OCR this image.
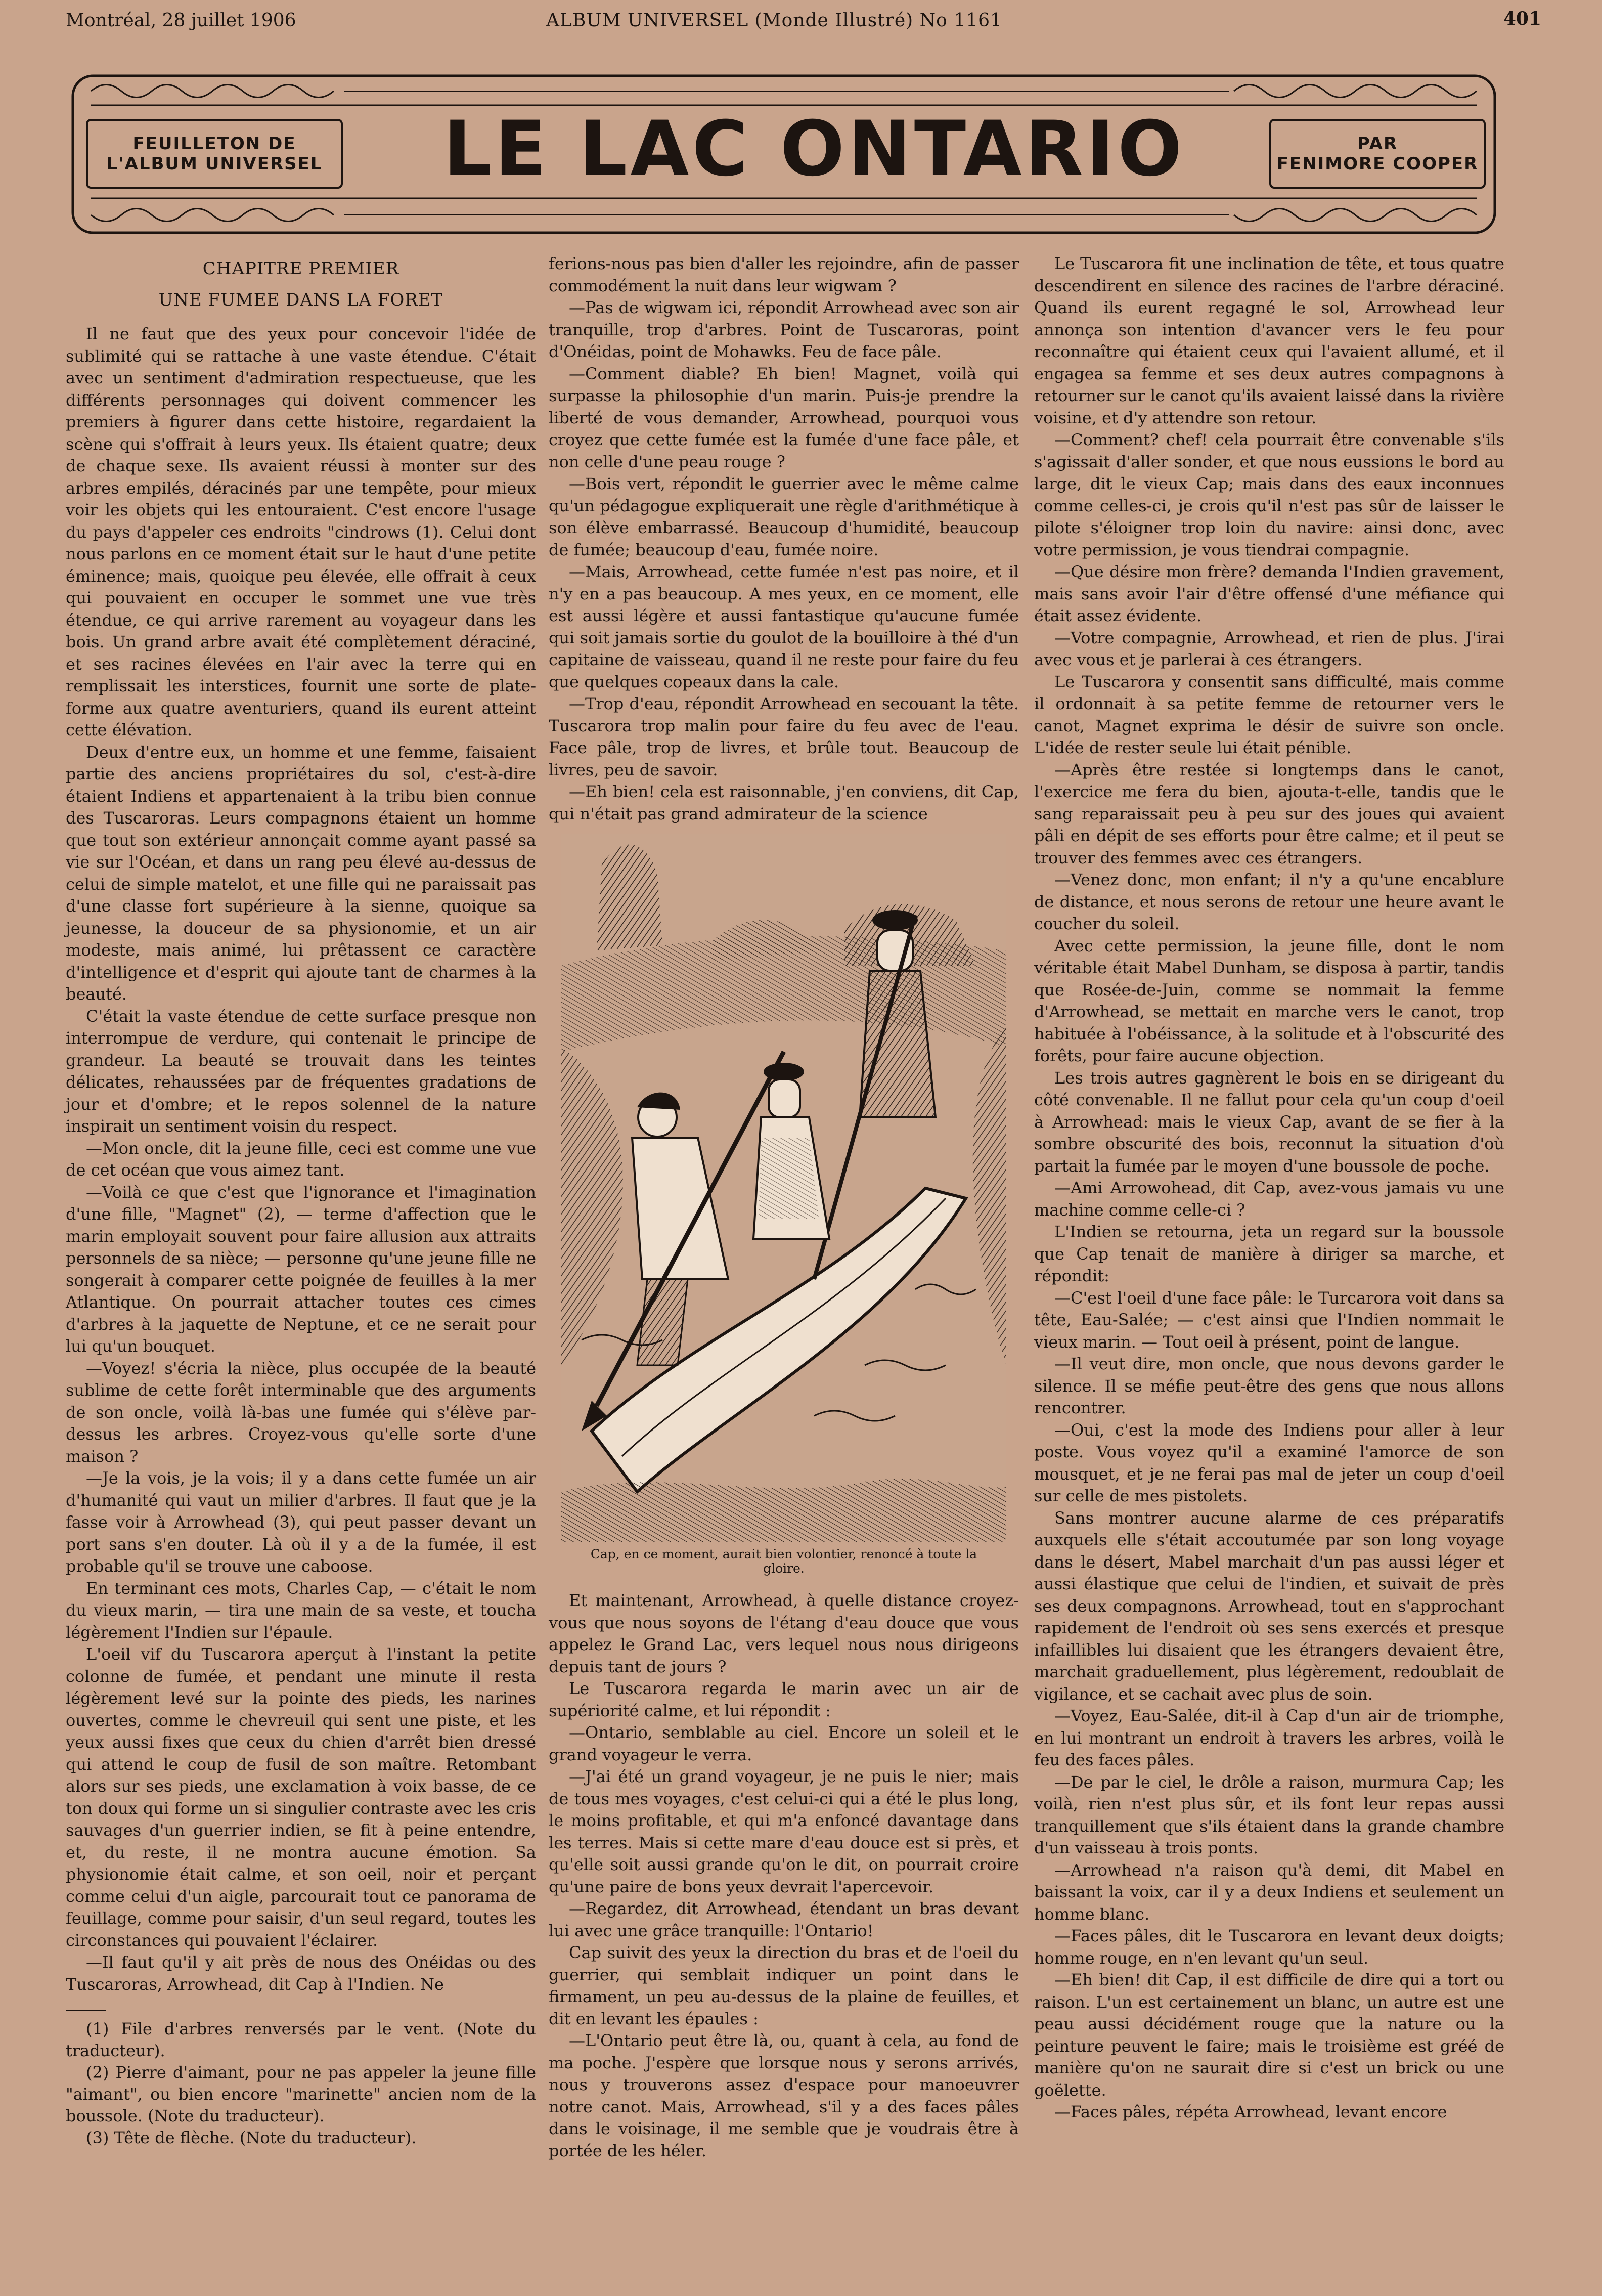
Montréal, 28 juillet 1906	ALBUM UNIVERSEL (Monde Illustré) No 1161	401
FEUILLETON DE
L'ALBUM UNIVERSEL	LE LAC ONTARIO	PAR
FENIMORE COOPER
CHAPITRE PREMIER
UNE FUMEE DANS LA FORET

Il ne faut que des yeux pour concevoir l'idée de sublimité qui se rattache à une vaste étendue. C'était avec un sentiment d'admiration respectueuse, que les différents personnages qui doivent commencer les premiers à figurer dans cette histoire, regardaient la scène qui s'offrait à leurs yeux. Ils étaient quatre; deux de chaque sexe. Ils avaient réussi à monter sur des arbres empilés, déracinés par une tempête, pour mieux voir les objets qui les entouraient. C'est encore l'usage du pays d'appeler ces endroits "cindrows (1). Celui dont nous parlons en ce moment était sur le haut d'une petite éminence; mais, quoique peu élevée, elle offrait à ceux qui pouvaient en occuper le sommet une vue très étendue, ce qui arrive rarement au voyageur dans les bois. Un grand arbre avait été complètement déraciné, et ses racines élevées en l'air avec la terre qui en remplissait les interstices, fournit une sorte de plate-forme aux quatre aventuriers, quand ils eurent atteint cette élévation.

Deux d'entre eux, un homme et une femme, faisaient partie des anciens propriétaires du sol, c'est-à-dire étaient Indiens et appartenaient à la tribu bien connue des Tuscaroras. Leurs compagnons étaient un homme que tout son extérieur annonçait comme ayant passé sa vie sur l'Océan, et dans un rang peu élevé au-dessus de celui de simple matelot, et une fille qui ne paraissait pas d'une classe fort supérieure à la sienne, quoique sa jeunesse, la douceur de sa physionomie, et un air modeste, mais animé, lui prêtassent ce caractère d'intelligence et d'esprit qui ajoute tant de charmes à la beauté.

C'était la vaste étendue de cette surface presque non interrompue de verdure, qui contenait le principe de grandeur. La beauté se trouvait dans les teintes délicates, rehaussées par de fréquentes gradations de jour et d'ombre; et le repos solennel de la nature inspirait un sentiment voisin du respect.

—Mon oncle, dit la jeune fille, ceci est comme une vue de cet océan que vous aimez tant.

—Voilà ce que c'est que l'ignorance et l'imagination d'une fille, "Magnet" (2), — terme d'affection que le marin employait souvent pour faire allusion aux attraits personnels de sa nièce; — personne qu'une jeune fille ne songerait à comparer cette poignée de feuilles à la mer Atlantique. On pourrait attacher toutes ces cimes d'arbres à la jaquette de Neptune, et ce ne serait pour lui qu'un bouquet.

—Voyez! s'écria la nièce, plus occupée de la beauté sublime de cette forêt interminable que des arguments de son oncle, voilà là-bas une fumée qui s'élève par-dessus les arbres. Croyez-vous qu'elle sorte d'une maison ?

—Je la vois, je la vois; il y a dans cette fumée un air d'humanité qui vaut un milier d'arbres. Il faut que je la fasse voir à Arrowhead (3), qui peut passer devant un port sans s'en douter. Là où il y a de la fumée, il est probable qu'il se trouve une caboose.

En terminant ces mots, Charles Cap, — c'était le nom du vieux marin, — tira une main de sa veste, et toucha légèrement l'Indien sur l'épaule.

L'oeil vif du Tuscarora aperçut à l'instant la petite colonne de fumée, et pendant une minute il resta légèrement levé sur la pointe des pieds, les narines ouvertes, comme le chevreuil qui sent une piste, et les yeux aussi fixes que ceux du chien d'arrêt bien dressé qui attend le coup de fusil de son maître. Retombant alors sur ses pieds, une exclamation à voix basse, de ce ton doux qui forme un si singulier contraste avec les cris sauvages d'un guerrier indien, se fit à peine entendre, et, du reste, il ne montra aucune émotion. Sa physionomie était calme, et son oeil, noir et perçant comme celui d'un aigle, parcourait tout ce panorama de feuillage, comme pour saisir, d'un seul regard, toutes les circonstances qui pouvaient l'éclairer.

—Il faut qu'il y ait près de nous des Onéidas ou des Tuscaroras, Arrowhead, dit Cap à l'Indien. Ne

(1) File d'arbres renversés par le vent. (Note du traducteur).
(2) Pierre d'aimant, pour ne pas appeler la jeune fille "aimant", ou bien encore "marinette" ancien nom de la boussole. (Note du traducteur).
(3) Tête de flèche. (Note du traducteur).

ferions-nous pas bien d'aller les rejoindre, afin de passer commodément la nuit dans leur wigwam ?

—Pas de wigwam ici, répondit Arrowhead avec son air tranquille, trop d'arbres. Point de Tuscaroras, point d'Onéidas, point de Mohawks. Feu de face pâle.

—Comment diable? Eh bien! Magnet, voilà qui surpasse la philosophie d'un marin. Puis-je prendre la liberté de vous demander, Arrowhead, pourquoi vous croyez que cette fumée est la fumée d'une face pâle, et non celle d'une peau rouge ?

—Bois vert, répondit le guerrier avec le même calme qu'un pédagogue expliquerait une règle d'arithmétique à son élève embarrassé. Beaucoup d'humidité, beaucoup de fumée; beaucoup d'eau, fumée noire.

—Mais, Arrowhead, cette fumée n'est pas noire, et il n'y en a pas beaucoup. A mes yeux, en ce moment, elle est aussi légère et aussi fantastique qu'aucune fumée qui soit jamais sortie du goulot de la bouilloire à thé d'un capitaine de vaisseau, quand il ne reste pour faire du feu que quelques copeaux dans la cale.

—Trop d'eau, répondit Arrowhead en secouant la tête. Tuscarora trop malin pour faire du feu avec de l'eau. Face pâle, trop de livres, et brûle tout. Beaucoup de livres, peu de savoir.

—Eh bien! cela est raisonnable, j'en conviens, dit Cap, qui n'était pas grand admirateur de la science

Cap, en ce moment, aurait bien volontier, renoncé à toute la gloire.

Et maintenant, Arrowhead, à quelle distance croyez-vous que nous soyons de l'étang d'eau douce que vous appelez le Grand Lac, vers lequel nous nous dirigeons depuis tant de jours ?

Le Tuscarora regarda le marin avec un air de supériorité calme, et lui répondit :

—Ontario, semblable au ciel. Encore un soleil et le grand voyageur le verra.

—J'ai été un grand voyageur, je ne puis le nier; mais de tous mes voyages, c'est celui-ci qui a été le plus long, le moins profitable, et qui m'a enfoncé davantage dans les terres. Mais si cette mare d'eau douce est si près, et qu'elle soit aussi grande qu'on le dit, on pourrait croire qu'une paire de bons yeux devrait l'apercevoir.

—Regardez, dit Arrowhead, étendant un bras devant lui avec une grâce tranquille: l'Ontario!

Cap suivit des yeux la direction du bras et de l'oeil du guerrier, qui semblait indiquer un point dans le firmament, un peu au-dessus de la plaine de feuilles, et dit en levant les épaules :

—L'Ontario peut être là, ou, quant à cela, au fond de ma poche. J'espère que lorsque nous y serons arrivés, nous y trouverons assez d'espace pour manoeuvrer notre canot. Mais, Arrowhead, s'il y a des faces pâles dans le voisinage, il me semble que je voudrais être à portée de les héler.

Le Tuscarora fit une inclination de tête, et tous quatre descendirent en silence des racines de l'arbre déraciné. Quand ils eurent regagné le sol, Arrowhead leur annonça son intention d'avancer vers le feu pour reconnaître qui étaient ceux qui l'avaient allumé, et il engagea sa femme et ses deux autres compagnons à retourner sur le canot qu'ils avaient laissé dans la rivière voisine, et d'y attendre son retour.

—Comment? chef! cela pourrait être convenable s'ils s'agissait d'aller sonder, et que nous eussions le bord au large, dit le vieux Cap; mais dans des eaux inconnues comme celles-ci, je crois qu'il n'est pas sûr de laisser le pilote s'éloigner trop loin du navire: ainsi donc, avec votre permission, je vous tiendrai compagnie.

—Que désire mon frère? demanda l'Indien gravement, mais sans avoir l'air d'être offensé d'une méfiance qui était assez évidente.

—Votre compagnie, Arrowhead, et rien de plus. J'irai avec vous et je parlerai à ces étrangers.

Le Tuscarora y consentit sans difficulté, mais comme il ordonnait à sa petite femme de retourner vers le canot, Magnet exprima le désir de suivre son oncle. L'idée de rester seule lui était pénible.

—Après être restée si longtemps dans le canot, l'exercice me fera du bien, ajouta-t-elle, tandis que le sang reparaissait peu à peu sur des joues qui avaient pâli en dépit de ses efforts pour être calme; et il peut se trouver des femmes avec ces étrangers.

—Venez donc, mon enfant; il n'y a qu'une encablure de distance, et nous serons de retour une heure avant le coucher du soleil.

Avec cette permission, la jeune fille, dont le nom véritable était Mabel Dunham, se disposa à partir, tandis que Rosée-de-Juin, comme se nommait la femme d'Arrowhead, se mettait en marche vers le canot, trop habituée à l'obéissance, à la solitude et à l'obscurité des forêts, pour faire aucune objection.

Les trois autres gagnèrent le bois en se dirigeant du côté convenable. Il ne fallut pour cela qu'un coup d'oeil à Arrowhead: mais le vieux Cap, avant de se fier à la sombre obscurité des bois, reconnut la situation d'où partait la fumée par le moyen d'une boussole de poche.

—Ami Arrowohead, dit Cap, avez-vous jamais vu une machine comme celle-ci ?

L'Indien se retourna, jeta un regard sur la boussole que Cap tenait de manière à diriger sa marche, et répondit:

—C'est l'oeil d'une face pâle: le Turcarora voit dans sa tête, Eau-Salée; — c'est ainsi que l'Indien nommait le vieux marin. — Tout oeil à présent, point de langue.

—Il veut dire, mon oncle, que nous devons garder le silence. Il se méfie peut-être des gens que nous allons rencontrer.

—Oui, c'est la mode des Indiens pour aller à leur poste. Vous voyez qu'il a examiné l'amorce de son mousquet, et je ne ferai pas mal de jeter un coup d'oeil sur celle de mes pistolets.

Sans montrer aucune alarme de ces préparatifs auxquels elle s'était accoutumée par son long voyage dans le désert, Mabel marchait d'un pas aussi léger et aussi élastique que celui de l'indien, et suivait de près ses deux compagnons. Arrowhead, tout en s'approchant rapidement de l'endroit où ses sens exercés et presque infaillibles lui disaient que les étrangers devaient être, marchait graduellement, plus légèrement, redoublait de vigilance, et se cachait avec plus de soin.

—Voyez, Eau-Salée, dit-il à Cap d'un air de triomphe, en lui montrant un endroit à travers les arbres, voilà le feu des faces pâles.

—De par le ciel, le drôle a raison, murmura Cap; les voilà, rien n'est plus sûr, et ils font leur repas aussi tranquillement que s'ils étaient dans la grande chambre d'un vaisseau à trois ponts.

—Arrowhead n'a raison qu'à demi, dit Mabel en baissant la voix, car il y a deux Indiens et seulement un homme blanc.

—Faces pâles, dit le Tuscarora en levant deux doigts; homme rouge, en n'en levant qu'un seul.

—Eh bien! dit Cap, il est difficile de dire qui a tort ou raison. L'un est certainement un blanc, un autre est une peau aussi décidément rouge que la nature ou la peinture peuvent le faire; mais le troisième est gréé de manière qu'on ne saurait dire si c'est un brick ou une goëlette.

—Faces pâles, répéta Arrowhead, levant encore
